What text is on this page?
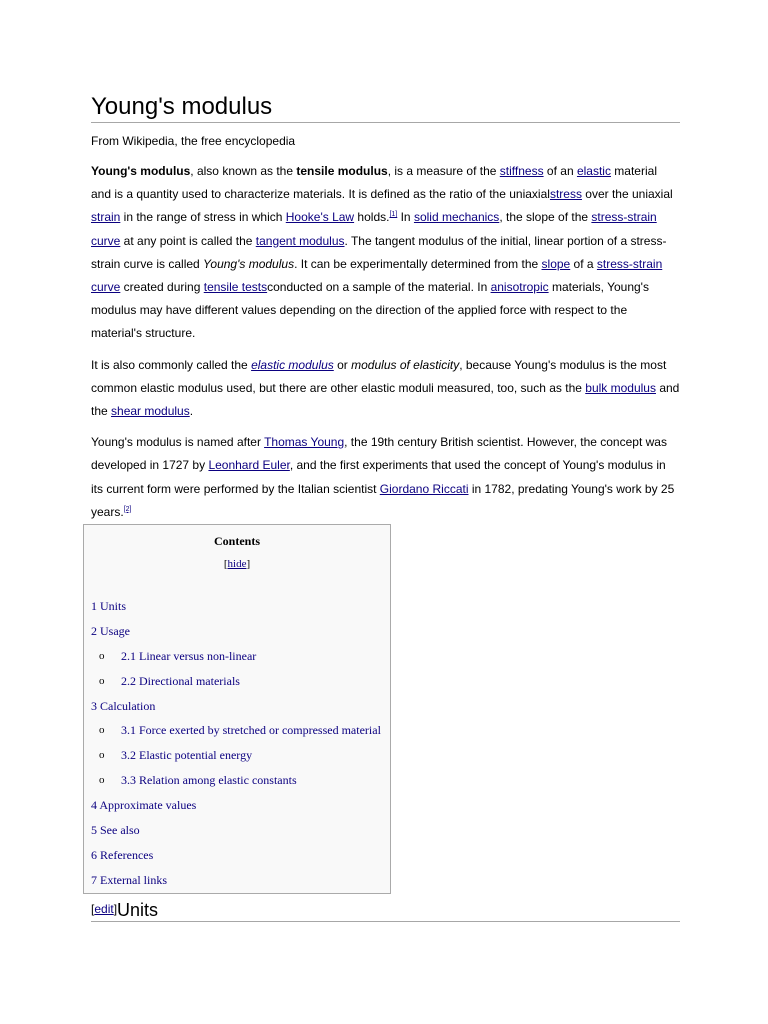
Young's modulus
From Wikipedia, the free encyclopedia

Young's modulus, also known as the tensile modulus, is a measure of the stiffness of an elastic material and is a quantity used to characterize materials. It is defined as the ratio of the uniaxialstress over the uniaxial strain in the range of stress in which Hooke's Law holds.[1] In solid mechanics, the slope of the stress-strain curve at any point is called the tangent modulus. The tangent modulus of the initial, linear portion of a stress-strain curve is called Young's modulus. It can be experimentally determined from the slope of a stress-strain curve created during tensile testsconducted on a sample of the material. In anisotropic materials, Young's modulus may have different values depending on the direction of the applied force with respect to the material's structure.

It is also commonly called the elastic modulus or modulus of elasticity, because Young's modulus is the most common elastic modulus used, but there are other elastic moduli measured, too, such as the bulk modulus and the shear modulus.

Young's modulus is named after Thomas Young, the 19th century British scientist. However, the concept was developed in 1727 by Leonhard Euler, and the first experiments that used the concept of Young's modulus in its current form were performed by the Italian scientist Giordano Riccati in 1782, predating Young's work by 25 years.[2]

Contents
[hide]
1 Units
2 Usage
o 2.1 Linear versus non-linear
o 2.2 Directional materials
3 Calculation
o 3.1 Force exerted by stretched or compressed material
o 3.2 Elastic potential energy
o 3.3 Relation among elastic constants
4 Approximate values
5 See also
6 References
7 External links
[edit]Units
